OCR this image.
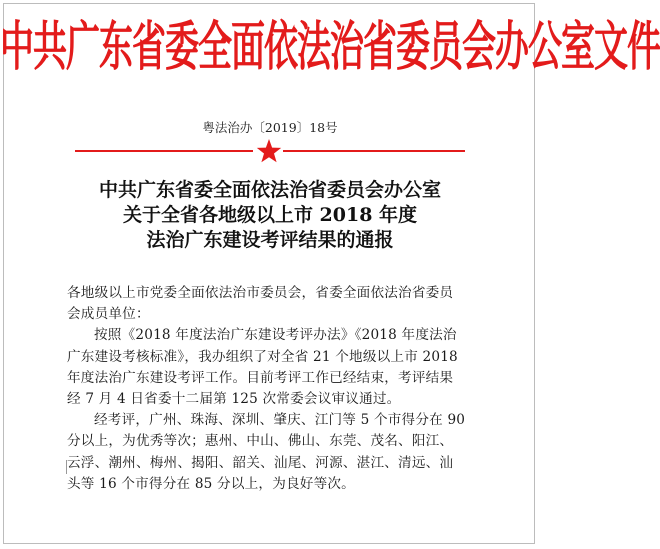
中共广东省委全面依法治省委员会办公室文件
粤法治办〔2019〕18号
中共广东省委全面依法治省委员会办公室
关于全省各地级以上市 2018 年度
法治广东建设考评结果的通报
各地级以上市党委全面依法治市委员会，省委全面依法治省委员
会成员单位：
按照《2018 年度法治广东建设考评办法》《2018 年度法治
广东建设考核标准》，我办组织了对全省 21 个地级以上市 2018
年度法治广东建设考评工作。目前考评工作已经结束，考评结果
经 7 月 4 日省委十二届第 125 次常委会议审议通过。
经考评，广州、珠海、深圳、肇庆、江门等 5 个市得分在 90
分以上，为优秀等次；惠州、中山、佛山、东莞、茂名、阳江、
云浮、潮州、梅州、揭阳、韶关、汕尾、河源、湛江、清远、汕
头等 16 个市得分在 85 分以上，为良好等次。
